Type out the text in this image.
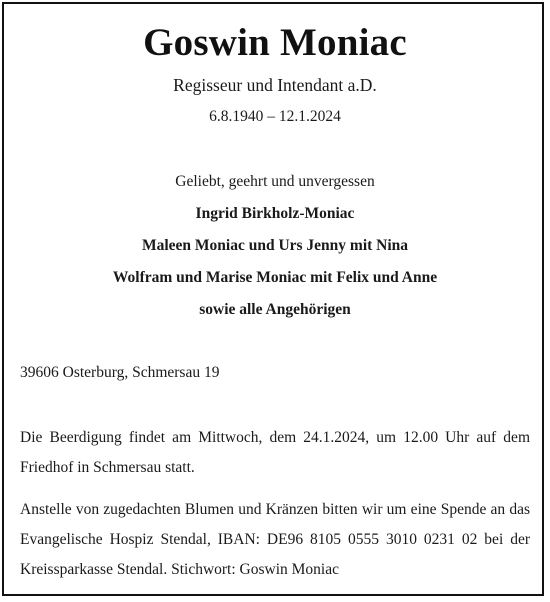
Goswin Moniac
Regisseur und Intendant a.D.
6.8.1940 – 12.1.2024
Geliebt, geehrt und unvergessen
Ingrid Birkholz-Moniac
Maleen Moniac und Urs Jenny mit Nina
Wolfram und Marise Moniac mit Felix und Anne
sowie alle Angehörigen
39606 Osterburg, Schmersau 19

Die Beerdigung findet am Mittwoch, dem 24.1.2024, um 12.00 Uhr auf dem Friedhof in Schmersau statt.

Anstelle von zugedachten Blumen und Kränzen bitten wir um eine Spende an das Evangelische Hospiz Stendal, IBAN: DE96 8105 0555 3010 0231 02 bei der Kreissparkasse Stendal. Stichwort: Goswin Moniac
